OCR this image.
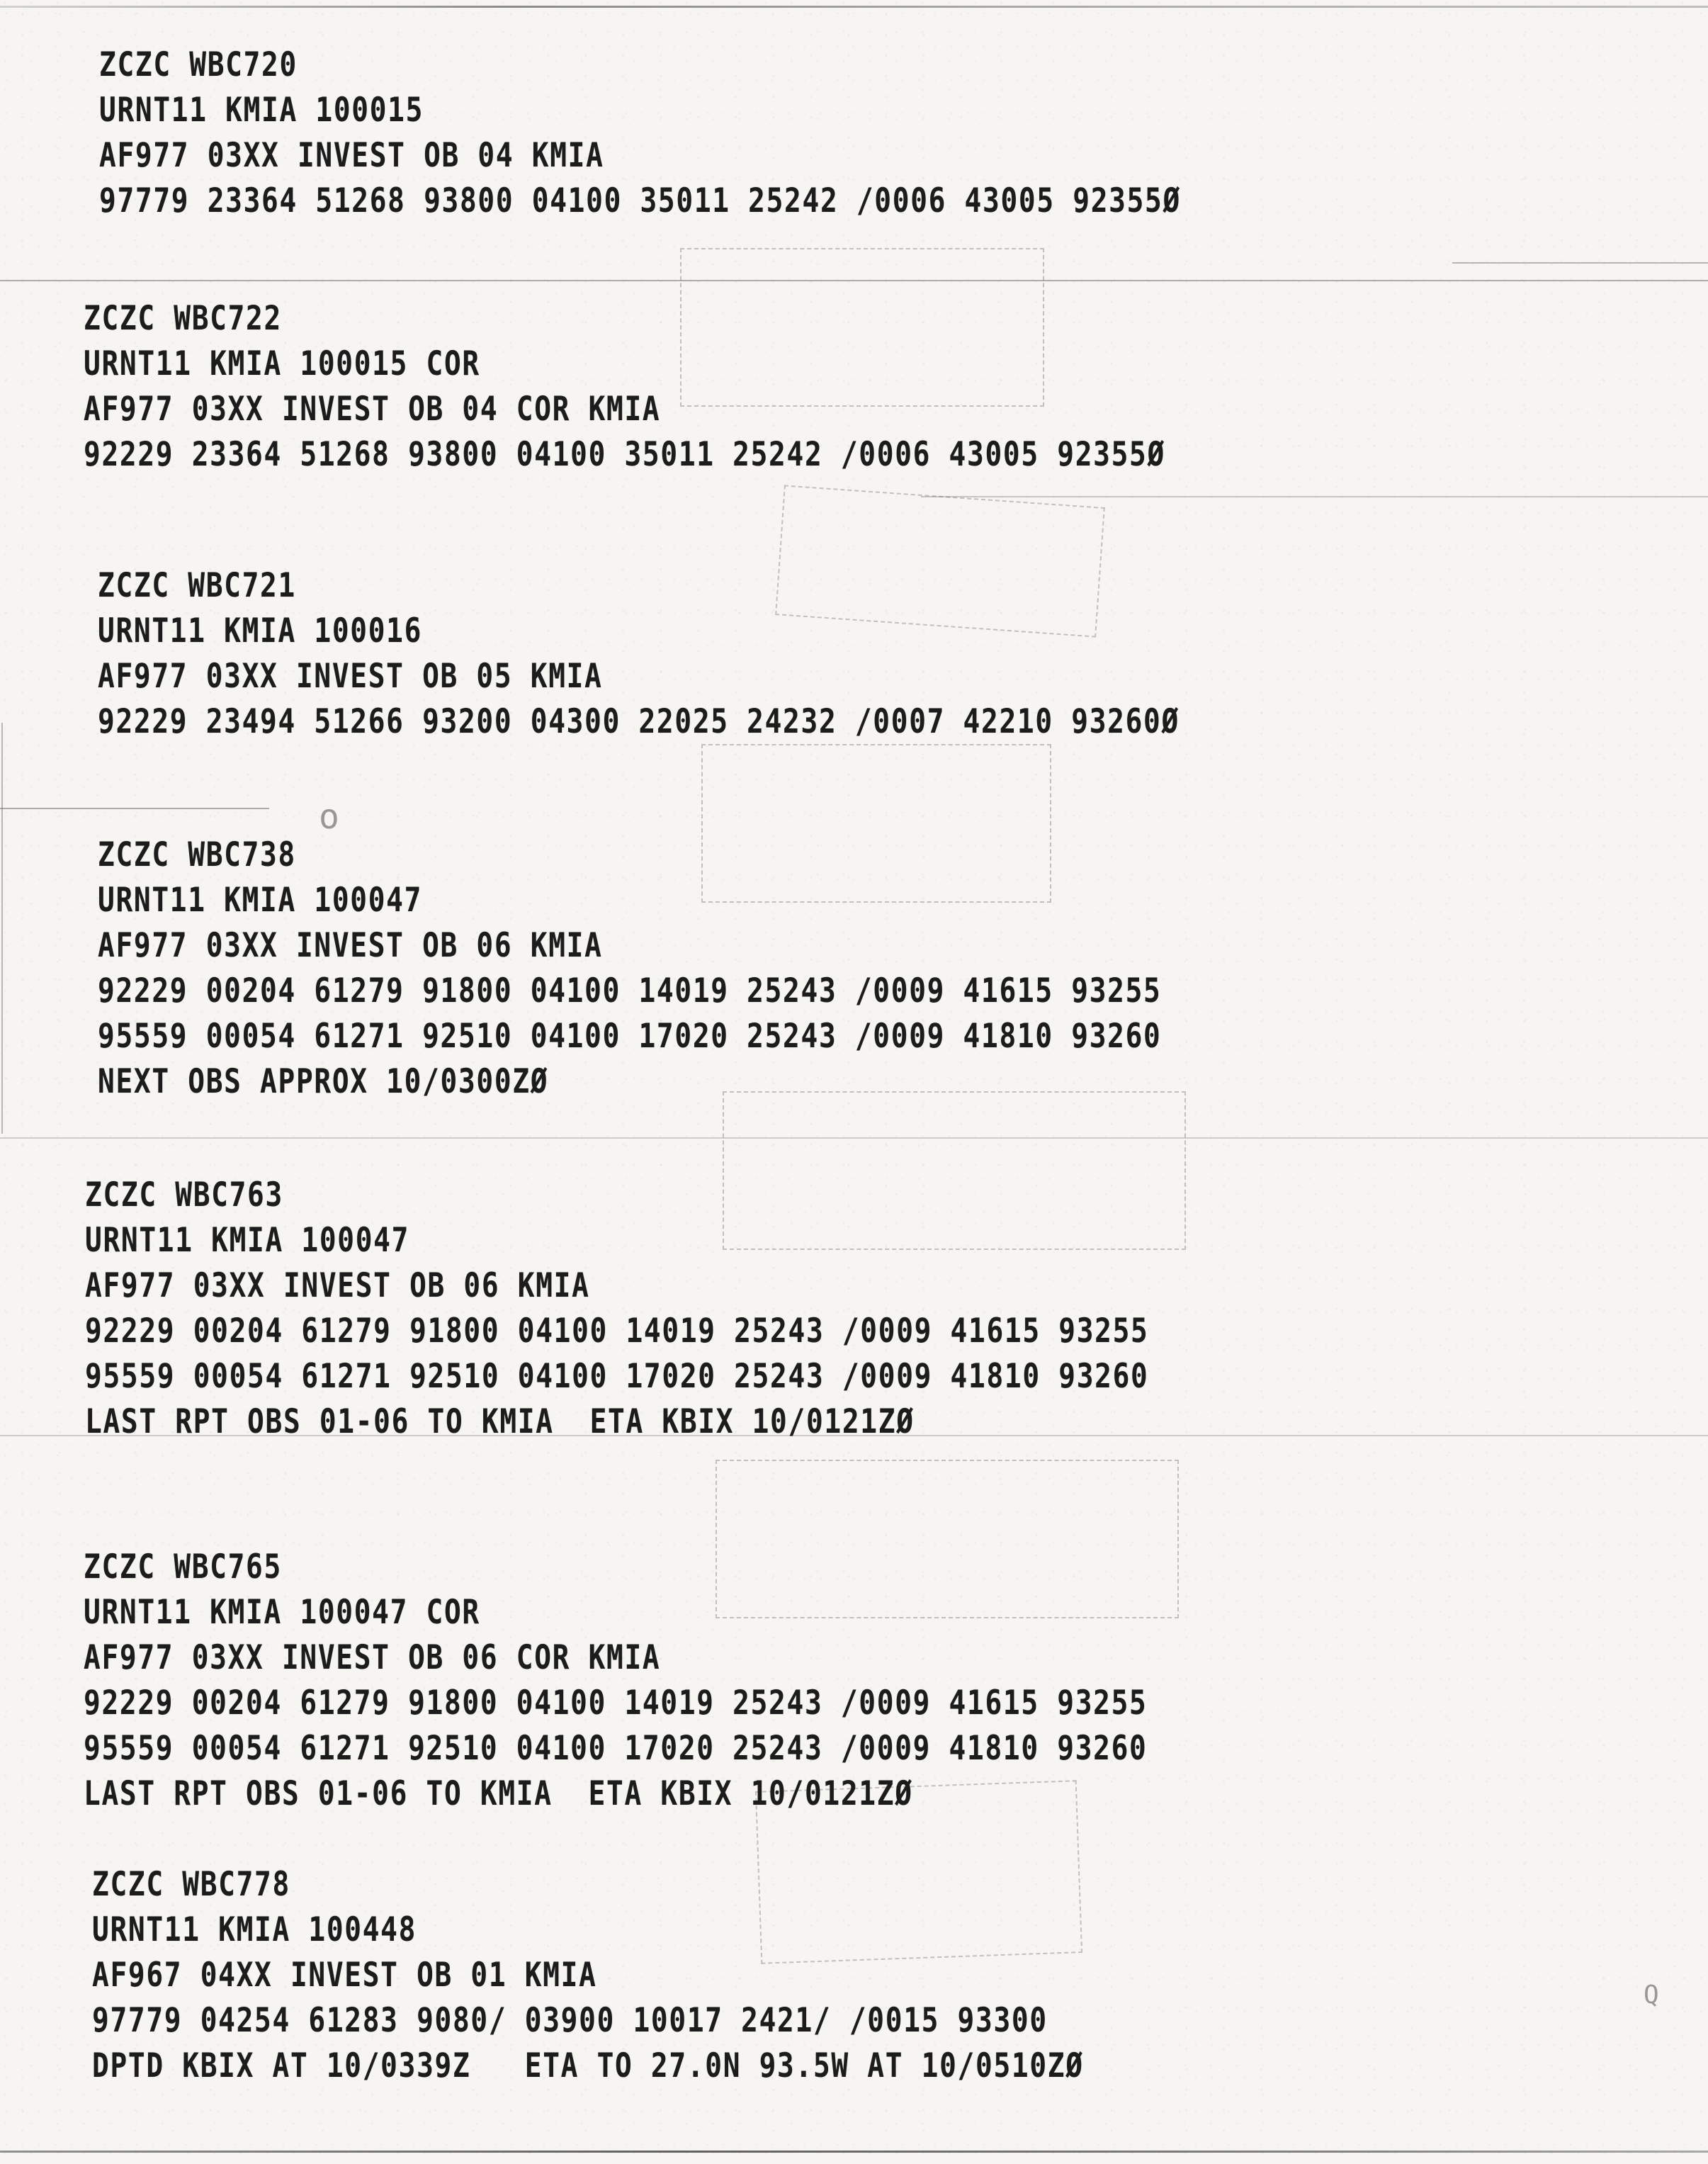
o
Q
ZCZC WBC720
URNT11 KMIA 100015
AF977 03XX INVEST OB 04 KMIA
97779 23364 51268 93800 04100 35011 25242 /0006 43005 92355Ø
ZCZC WBC722
URNT11 KMIA 100015 COR
AF977 03XX INVEST OB 04 COR KMIA
92229 23364 51268 93800 04100 35011 25242 /0006 43005 92355Ø
ZCZC WBC721
URNT11 KMIA 100016
AF977 03XX INVEST OB 05 KMIA
92229 23494 51266 93200 04300 22025 24232 /0007 42210 93260Ø
ZCZC WBC738
URNT11 KMIA 100047
AF977 03XX INVEST OB 06 KMIA
92229 00204 61279 91800 04100 14019 25243 /0009 41615 93255
95559 00054 61271 92510 04100 17020 25243 /0009 41810 93260
NEXT OBS APPROX 10/0300ZØ
ZCZC WBC763
URNT11 KMIA 100047
AF977 03XX INVEST OB 06 KMIA
92229 00204 61279 91800 04100 14019 25243 /0009 41615 93255
95559 00054 61271 92510 04100 17020 25243 /0009 41810 93260
LAST RPT OBS 01-06 TO KMIA  ETA KBIX 10/0121ZØ
ZCZC WBC765
URNT11 KMIA 100047 COR
AF977 03XX INVEST OB 06 COR KMIA
92229 00204 61279 91800 04100 14019 25243 /0009 41615 93255
95559 00054 61271 92510 04100 17020 25243 /0009 41810 93260
LAST RPT OBS 01-06 TO KMIA  ETA KBIX 10/0121ZØ
ZCZC WBC778
URNT11 KMIA 100448
AF967 04XX INVEST OB 01 KMIA
97779 04254 61283 9080/ 03900 10017 2421/ /0015 93300
DPTD KBIX AT 10/0339Z   ETA TO 27.0N 93.5W AT 10/0510ZØ
